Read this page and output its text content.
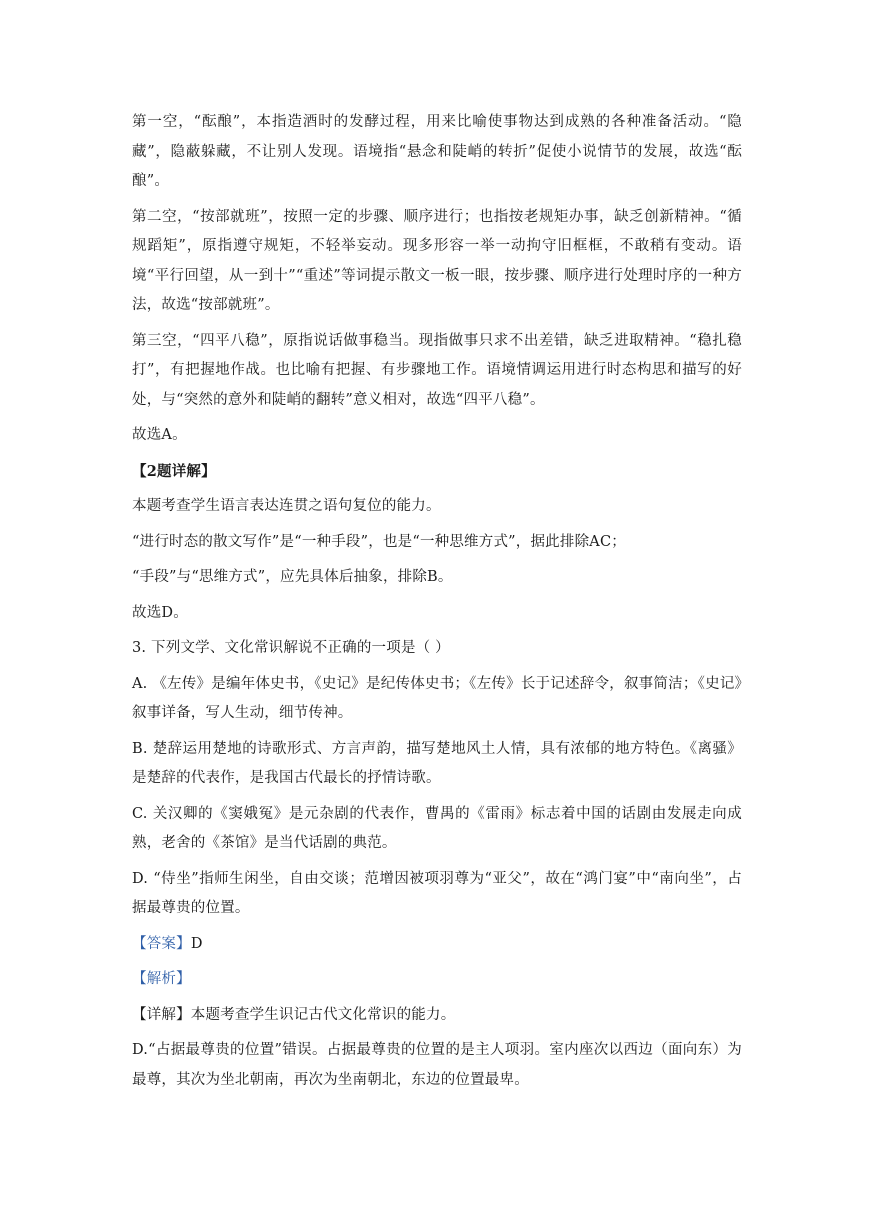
第一空，“酝酿”，本指造酒时的发酵过程，用来比喻使事物达到成熟的各种准备活动。“隐藏”，隐蔽躲藏，不让别人发现。语境指“悬念和陡峭的转折”促使小说情节的发展，故选“酝酿”。

第二空，“按部就班”，按照一定的步骤、顺序进行；也指按老规矩办事，缺乏创新精神。“循规蹈矩”，原指遵守规矩，不轻举妄动。现多形容一举一动拘守旧框框，不敢稍有变动。语境“平行回望，从一到十”“重述”等词提示散文一板一眼，按步骤、顺序进行处理时序的一种方法，故选“按部就班”。

第三空，“四平八稳”，原指说话做事稳当。现指做事只求不出差错，缺乏进取精神。“稳扎稳打”，有把握地作战。也比喻有把握、有步骤地工作。语境情调运用进行时态构思和描写的好处，与“突然的意外和陡峭的翻转”意义相对，故选“四平八稳”。

故选A。

【2题详解】

本题考查学生语言表达连贯之语句复位的能力。

“进行时态的散文写作”是“一种手段”，也是“一种思维方式”，据此排除AC；

“手段”与“思维方式”，应先具体后抽象，排除B。

故选D。

3. 下列文学、文化常识解说不正确的一项是（ ）

A. 《左传》是编年体史书，《史记》是纪传体史书；《左传》长于记述辞令，叙事简洁；《史记》叙事详备，写人生动，细节传神。

B. 楚辞运用楚地的诗歌形式、方言声韵，描写楚地风土人情，具有浓郁的地方特色。《离骚》是楚辞的代表作，是我国古代最长的抒情诗歌。

C. 关汉卿的《窦娥冤》是元杂剧的代表作，曹禺的《雷雨》标志着中国的话剧由发展走向成熟，老舍的《茶馆》是当代话剧的典范。

D. “侍坐”指师生闲坐，自由交谈；范增因被项羽尊为“亚父”，故在“鸿门宴”中“南向坐”，占据最尊贵的位置。

【答案】D

【解析】

【详解】本题考查学生识记古代文化常识的能力。

D.“占据最尊贵的位置”错误。占据最尊贵的位置的是主人项羽。室内座次以西边（面向东）为最尊，其次为坐北朝南，再次为坐南朝北，东边的位置最卑。
